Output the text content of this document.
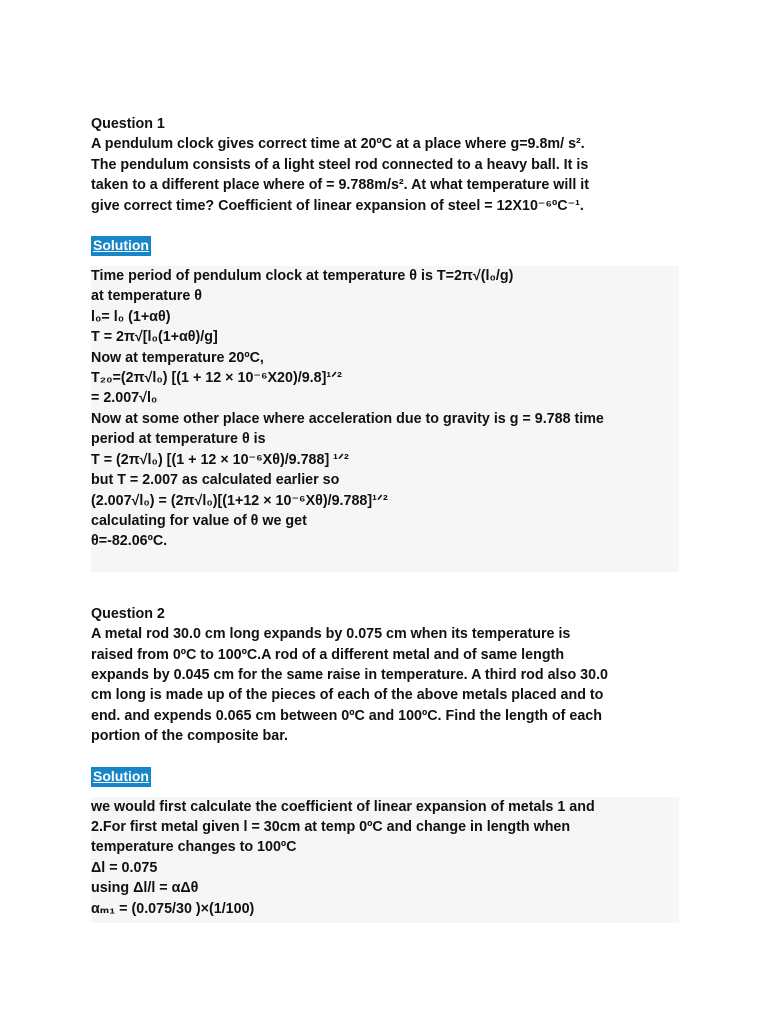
Question 1
A pendulum clock gives correct time at 20ºC at a place where g=9.8m/ s².
The pendulum consists of a light steel rod connected to a heavy ball. It is
taken to a different place where of = 9.788m/s². At what temperature will it
give correct time? Coefficient of linear expansion of steel = 12X10⁻⁶ºC⁻¹.
Solution
Time period of pendulum clock at temperature θ is T=2π√(l₀/g)
at temperature θ
l₀= l₀ (1+αθ)
T = 2π√[l₀(1+αθ)/g]
Now at temperature 20ºC,
T₂₀=(2π√l₀) [(1 + 12 × 10⁻⁶X20)/9.8]¹ᐟ²
= 2.007√l₀
Now at some other place where acceleration due to gravity is g = 9.788 time
period at temperature θ is
T = (2π√l₀) [(1 + 12 × 10⁻⁶Xθ)/9.788] ¹ᐟ²
but T = 2.007 as calculated earlier so
(2.007√l₀) = (2π√l₀)[(1+12 × 10⁻⁶Xθ)/9.788]¹ᐟ²
calculating for value of θ we get
θ=-82.06ºC.
Question 2
A metal rod 30.0 cm long expands by 0.075 cm when its temperature is
raised from 0ºC to 100ºC.A rod of a different metal and of same length
expands by 0.045 cm for the same raise in temperature. A third rod also 30.0
cm long is made up of the pieces of each of the above metals placed and to
end. and expends 0.065 cm between 0ºC and 100ºC. Find the length of each
portion of the composite bar.
Solution
we would first calculate the coefficient of linear expansion of metals 1 and
2.For first metal given l = 30cm at temp 0ºC and change in length when
temperature changes to 100ºC
Δl = 0.075
using Δl/l = αΔθ
αₘ₁ = (0.075/30 )×(1/100)
